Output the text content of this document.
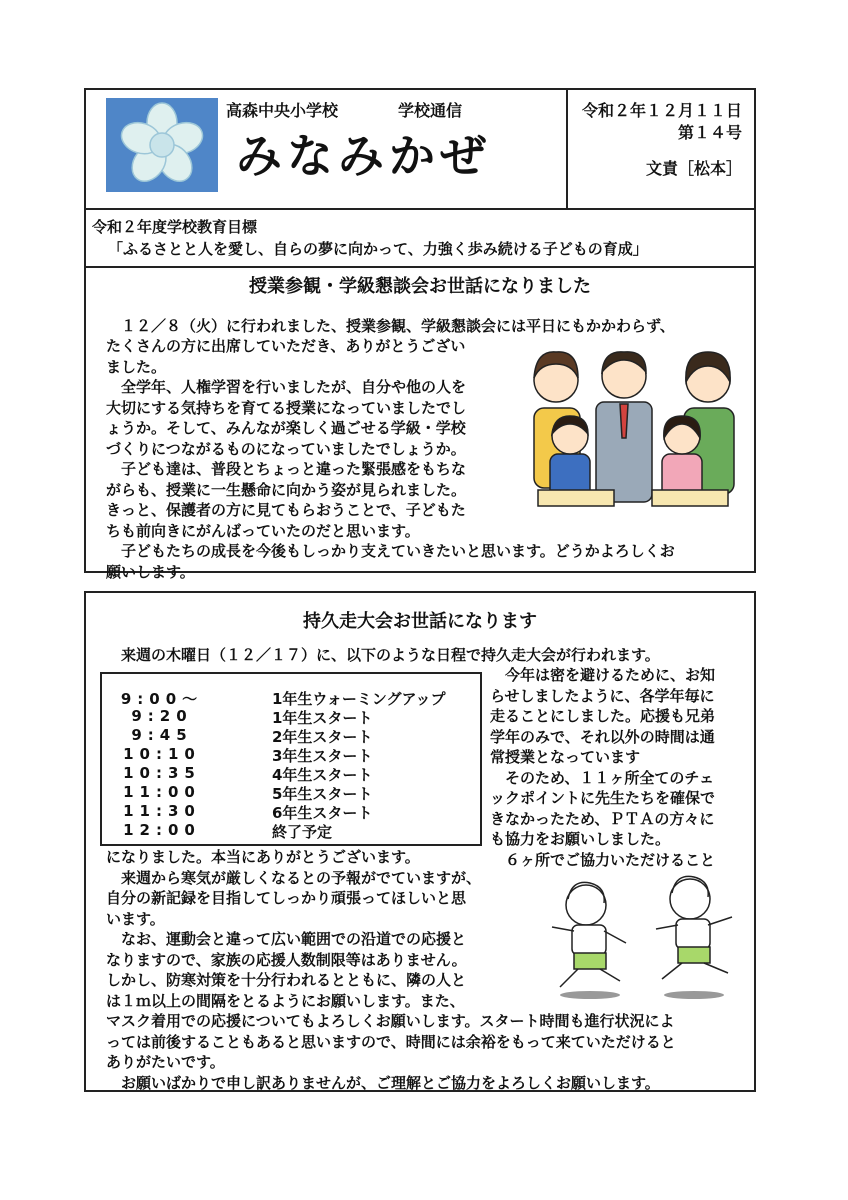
高森中央小学校	学校通信
みなみかぜ
令和２年１２月１１日
第１４号
文責［松本］
令和２年度学校教育目標
「ふるさとと人を愛し、自らの夢に向かって、力強く歩み続ける子どもの育成」
授業参観・学級懇談会お世話になりました
　１２／８（火）に行われました、授業参観、学級懇談会には平日にもかかわらず、
たくさんの方に出席していただき、ありがとうござい
ました。
　全学年、人権学習を行いましたが、自分や他の人を
大切にする気持ちを育てる授業になっていましたでし
ょうか。そして、みんなが楽しく過ごせる学級・学校
づくりにつながるものになっていましたでしょうか。
　子ども達は、普段とちょっと違った緊張感をもちな
がらも、授業に一生懸命に向かう姿が見られました。
きっと、保護者の方に見てもらおうことで、子どもた
ちも前向きにがんばっていたのだと思います。
　子どもたちの成長を今後もしっかり支えていきたいと思います。どうかよろしくお
願いします。
持久走大会お世話になります
　来週の木曜日（１２／１７）に、以下のような日程で持久走大会が行われます。
9:00～	1年生ウォーミングアップ
9:20	1年生スタート
9:45	2年生スタート
10:10	3年生スタート
10:35	4年生スタート
11:00	5年生スタート
11:30	6年生スタート
12:00	終了予定
　今年は密を避けるために、お知
らせしましたように、各学年毎に
走ることにしました。応援も兄弟
学年のみで、それ以外の時間は通
常授業となっています
　そのため、１１ヶ所全てのチェ
ックポイントに先生たちを確保で
きなかったため、ＰＴＡの方々に
も協力をお願いしました。
　６ヶ所でご協力いただけること
になりました。本当にありがとうございます。
　来週から寒気が厳しくなるとの予報がでていますが、
自分の新記録を目指してしっかり頑張ってほしいと思
います。
　なお、運動会と違って広い範囲での沿道での応援と
なりますので、家族の応援人数制限等はありません。
しかし、防寒対策を十分行われるとともに、隣の人と
は１ｍ以上の間隔をとるようにお願いします。また、
マスク着用での応援についてもよろしくお願いします。スタート時間も進行状況によ
っては前後することもあると思いますので、時間には余裕をもって来ていただけると
ありがたいです。
　お願いばかりで申し訳ありませんが、ご理解とご協力をよろしくお願いします。
